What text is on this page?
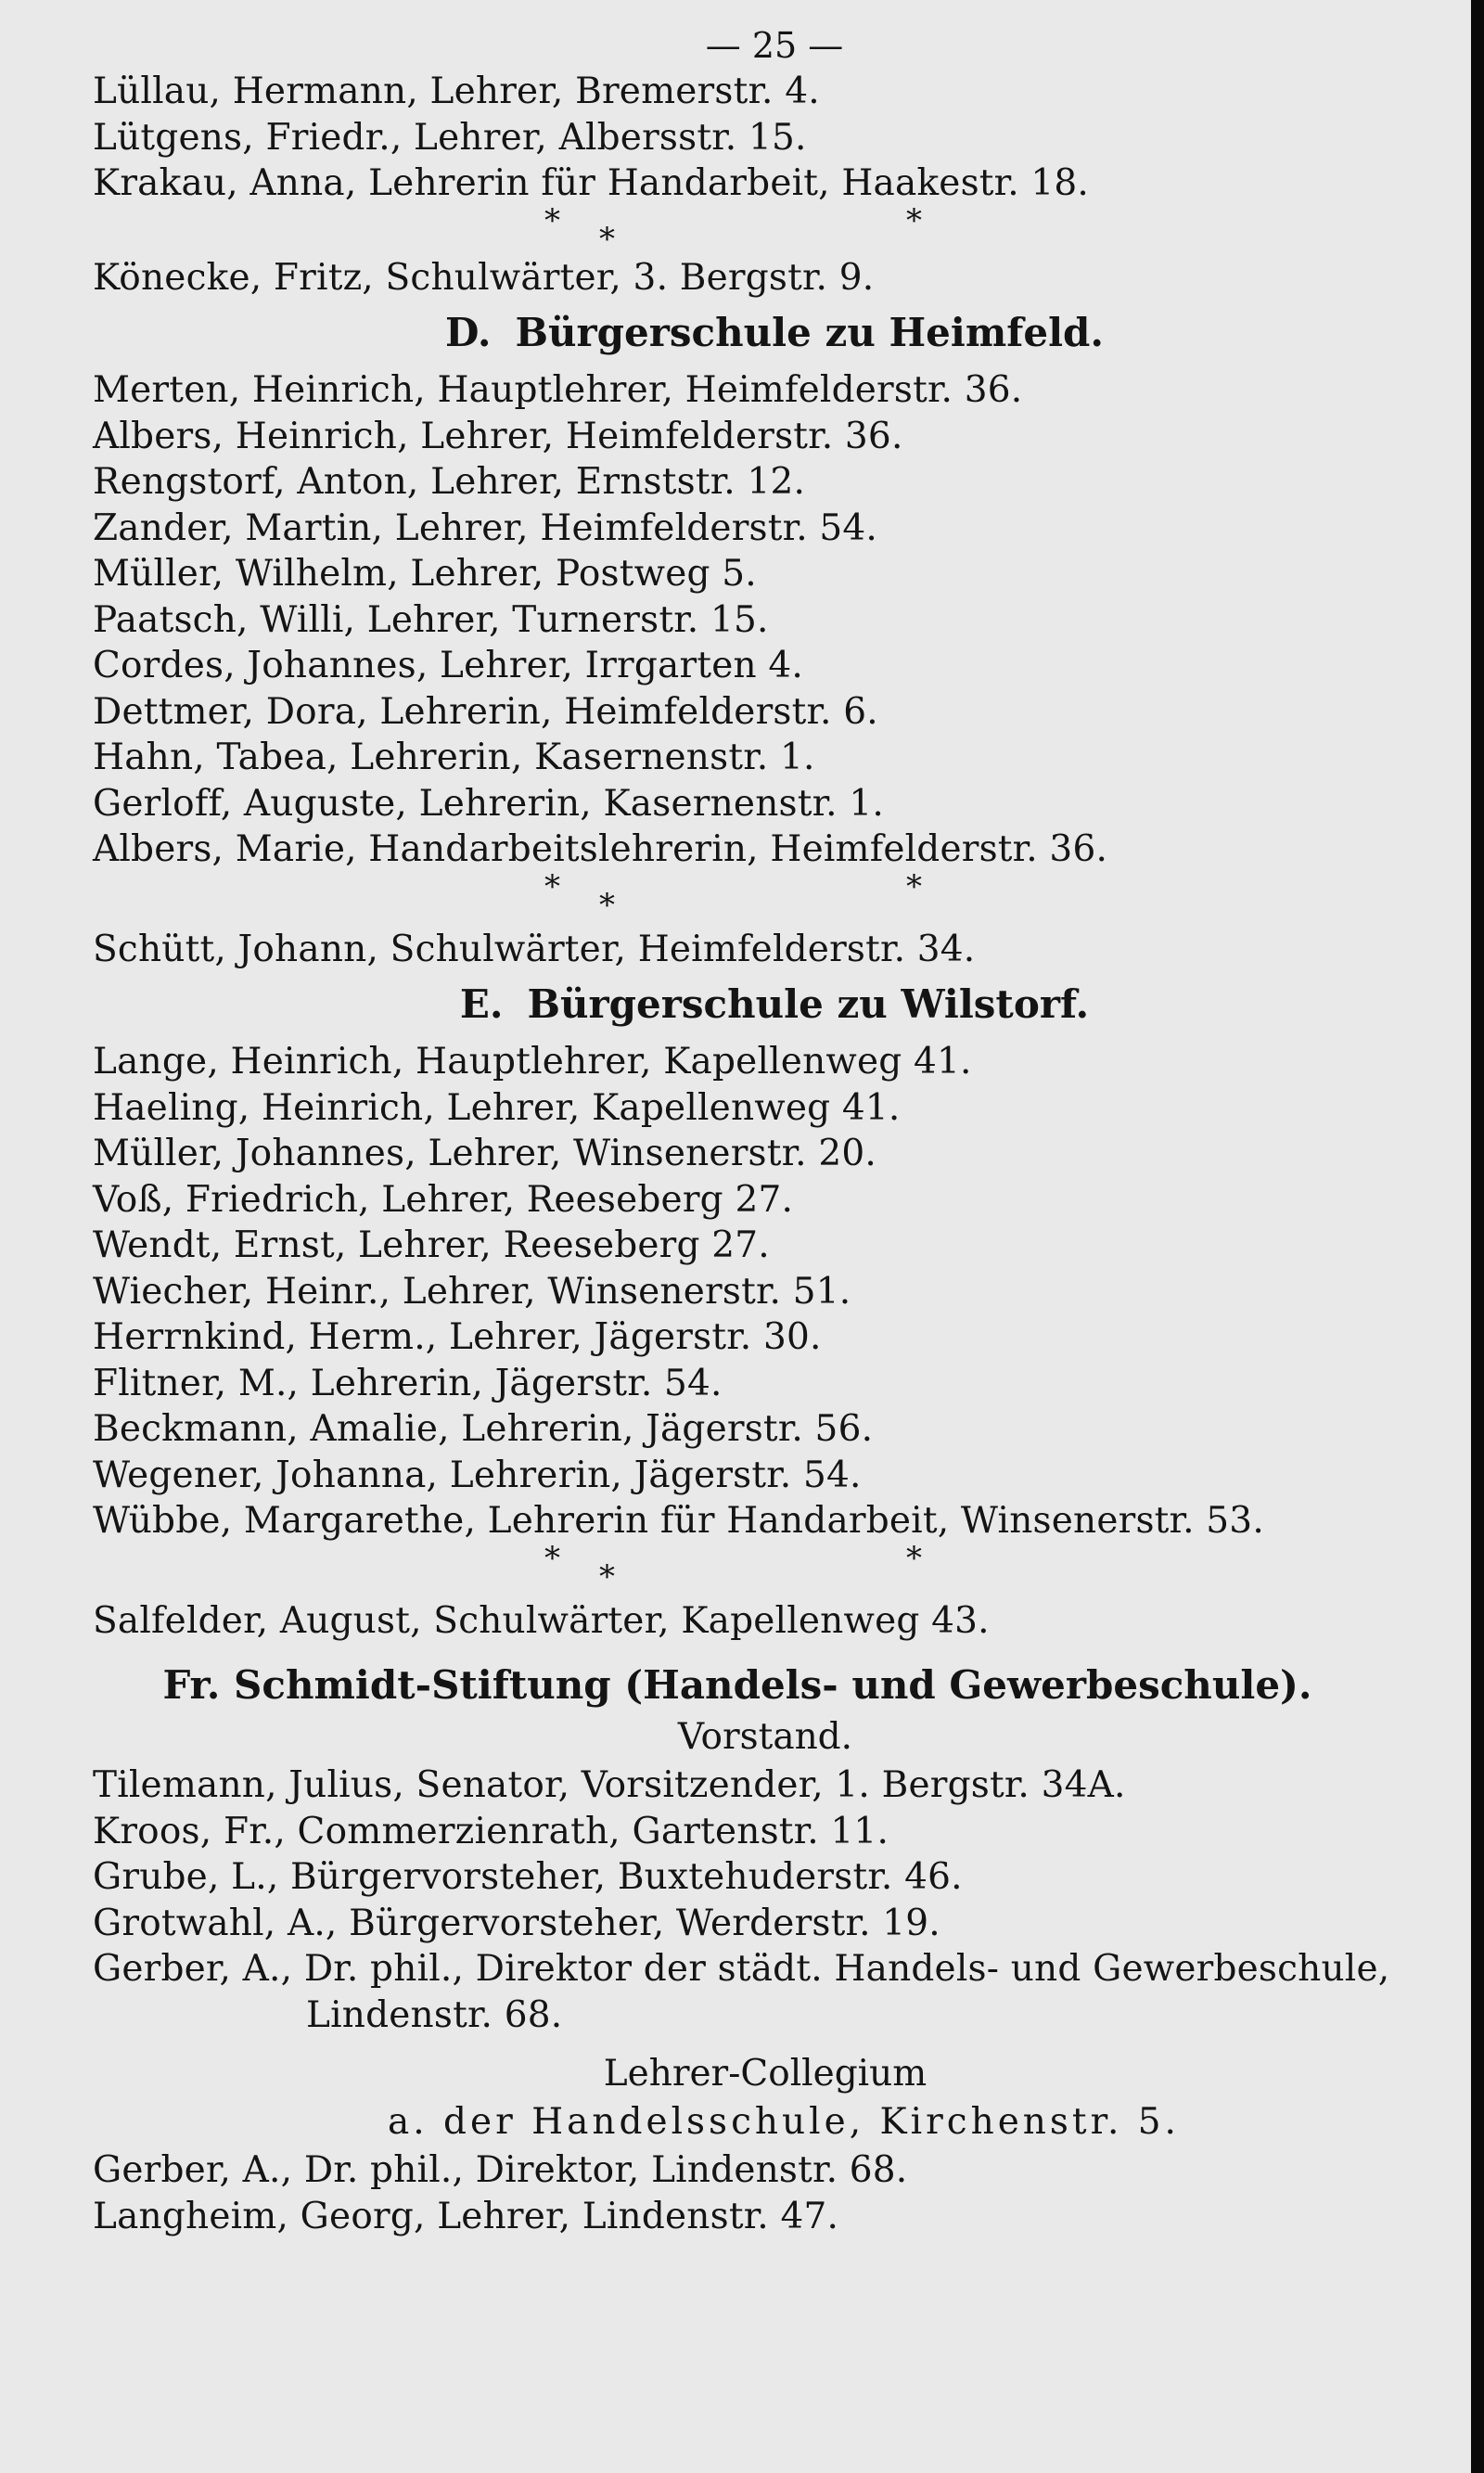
— 25 —
Lüllau, Hermann, Lehrer, Bremerstr. 4.
Lütgens, Friedr., Lehrer, Albersstr. 15.
Krakau, Anna, Lehrerin für Handarbeit, Haakestr. 18.
* *	*
Könecke, Fritz, Schulwärter, 3. Bergstr. 9.
D. Bürgerschule zu Heimfeld.
Merten, Heinrich, Hauptlehrer, Heimfelderstr. 36.
Albers, Heinrich, Lehrer, Heimfelderstr. 36.
Rengstorf, Anton, Lehrer, Ernststr. 12.
Zander, Martin, Lehrer, Heimfelderstr. 54.
Müller, Wilhelm, Lehrer, Postweg 5.
Paatsch, Willi, Lehrer, Turnerstr. 15.
Cordes, Johannes, Lehrer, Irrgarten 4.
Dettmer, Dora, Lehrerin, Heimfelderstr. 6.
Hahn, Tabea, Lehrerin, Kasernenstr. 1.
Gerloff, Auguste, Lehrerin, Kasernenstr. 1.
Albers, Marie, Handarbeitslehrerin, Heimfelderstr. 36.
* *	*
Schütt, Johann, Schulwärter, Heimfelderstr. 34.
E. Bürgerschule zu Wilstorf.
Lange, Heinrich, Hauptlehrer, Kapellenweg 41.
Haeling, Heinrich, Lehrer, Kapellenweg 41.
Müller, Johannes, Lehrer, Winsenerstr. 20.
Voß, Friedrich, Lehrer, Reeseberg 27.
Wendt, Ernst, Lehrer, Reeseberg 27.
Wiecher, Heinr., Lehrer, Winsenerstr. 51.
Herrnkind, Herm., Lehrer, Jägerstr. 30.
Flitner, M., Lehrerin, Jägerstr. 54.
Beckmann, Amalie, Lehrerin, Jägerstr. 56.
Wegener, Johanna, Lehrerin, Jägerstr. 54.
Wübbe, Margarethe, Lehrerin für Handarbeit, Winsenerstr. 53.
* *	*
Salfelder, August, Schulwärter, Kapellenweg 43.
Fr. Schmidt-Stiftung (Handels- und Gewerbeschule).
Vorstand.
Tilemann, Julius, Senator, Vorsitzender, 1. Bergstr. 34A.
Kroos, Fr., Commerzienrath, Gartenstr. 11.
Grube, L., Bürgervorsteher, Buxtehuderstr. 46.
Grotwahl, A., Bürgervorsteher, Werderstr. 19.
Gerber, A., Dr. phil., Direktor der städt. Handels- und Gewerbeschule,
Lindenstr. 68.
Lehrer-Collegium
a. der Handelsschule, Kirchenstr. 5.
Gerber, A., Dr. phil., Direktor, Lindenstr. 68.
Langheim, Georg, Lehrer, Lindenstr. 47.
